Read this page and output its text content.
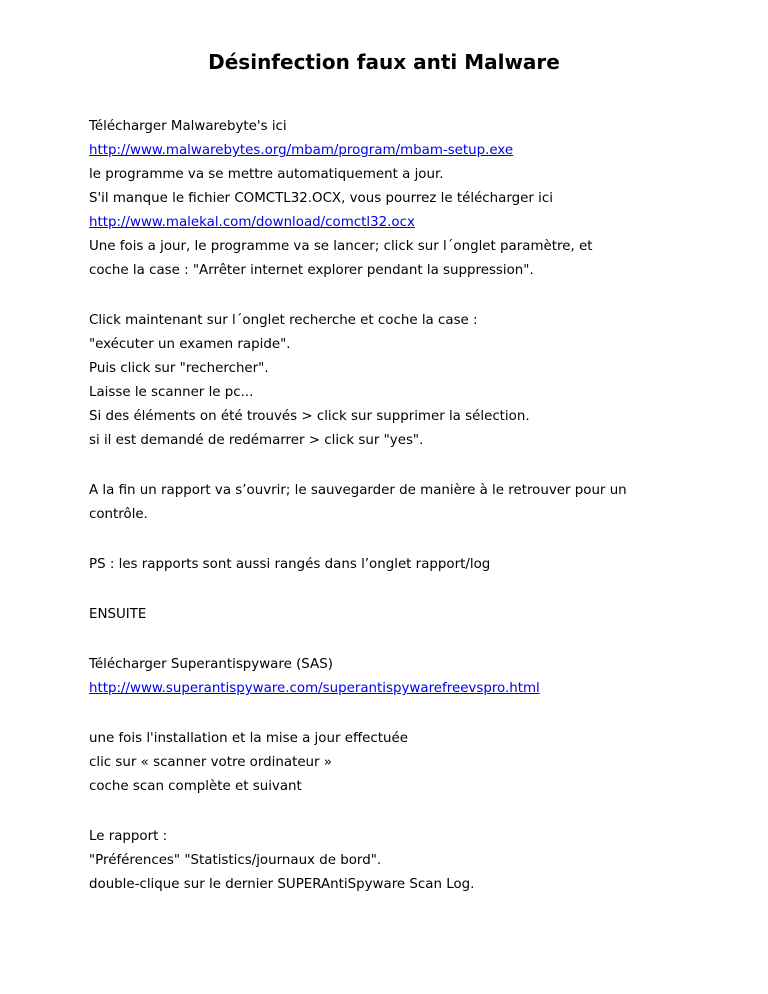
Désinfection faux anti Malware
Télécharger Malwarebyte's ici
http://www.malwarebytes.org/mbam/program/mbam-setup.exe
le programme va se mettre automatiquement a jour.
S'il manque le fichier COMCTL32.OCX, vous pourrez le télécharger ici
http://www.malekal.com/download/comctl32.ocx
Une fois a jour, le programme va se lancer; click sur l´onglet paramètre, et
coche la case : "Arrêter internet explorer pendant la suppression".
Click maintenant sur l´onglet recherche et coche la case :
"exécuter un examen rapide".
Puis click sur "rechercher".
Laisse le scanner le pc...
Si des éléments on été trouvés > click sur supprimer la sélection.
si il est demandé de redémarrer > click sur "yes".
A la fin un rapport va s’ouvrir; le sauvegarder de manière à le retrouver pour un
contrôle.
PS : les rapports sont aussi rangés dans l’onglet rapport/log
ENSUITE
Télécharger Superantispyware (SAS)
http://www.superantispyware.com/superantispywarefreevspro.html
une fois l'installation et la mise a jour effectuée
clic sur « scanner votre ordinateur »
coche scan complète et suivant
Le rapport :
"Préférences" "Statistics/journaux de bord".
double-clique sur le dernier SUPERAntiSpyware Scan Log.
